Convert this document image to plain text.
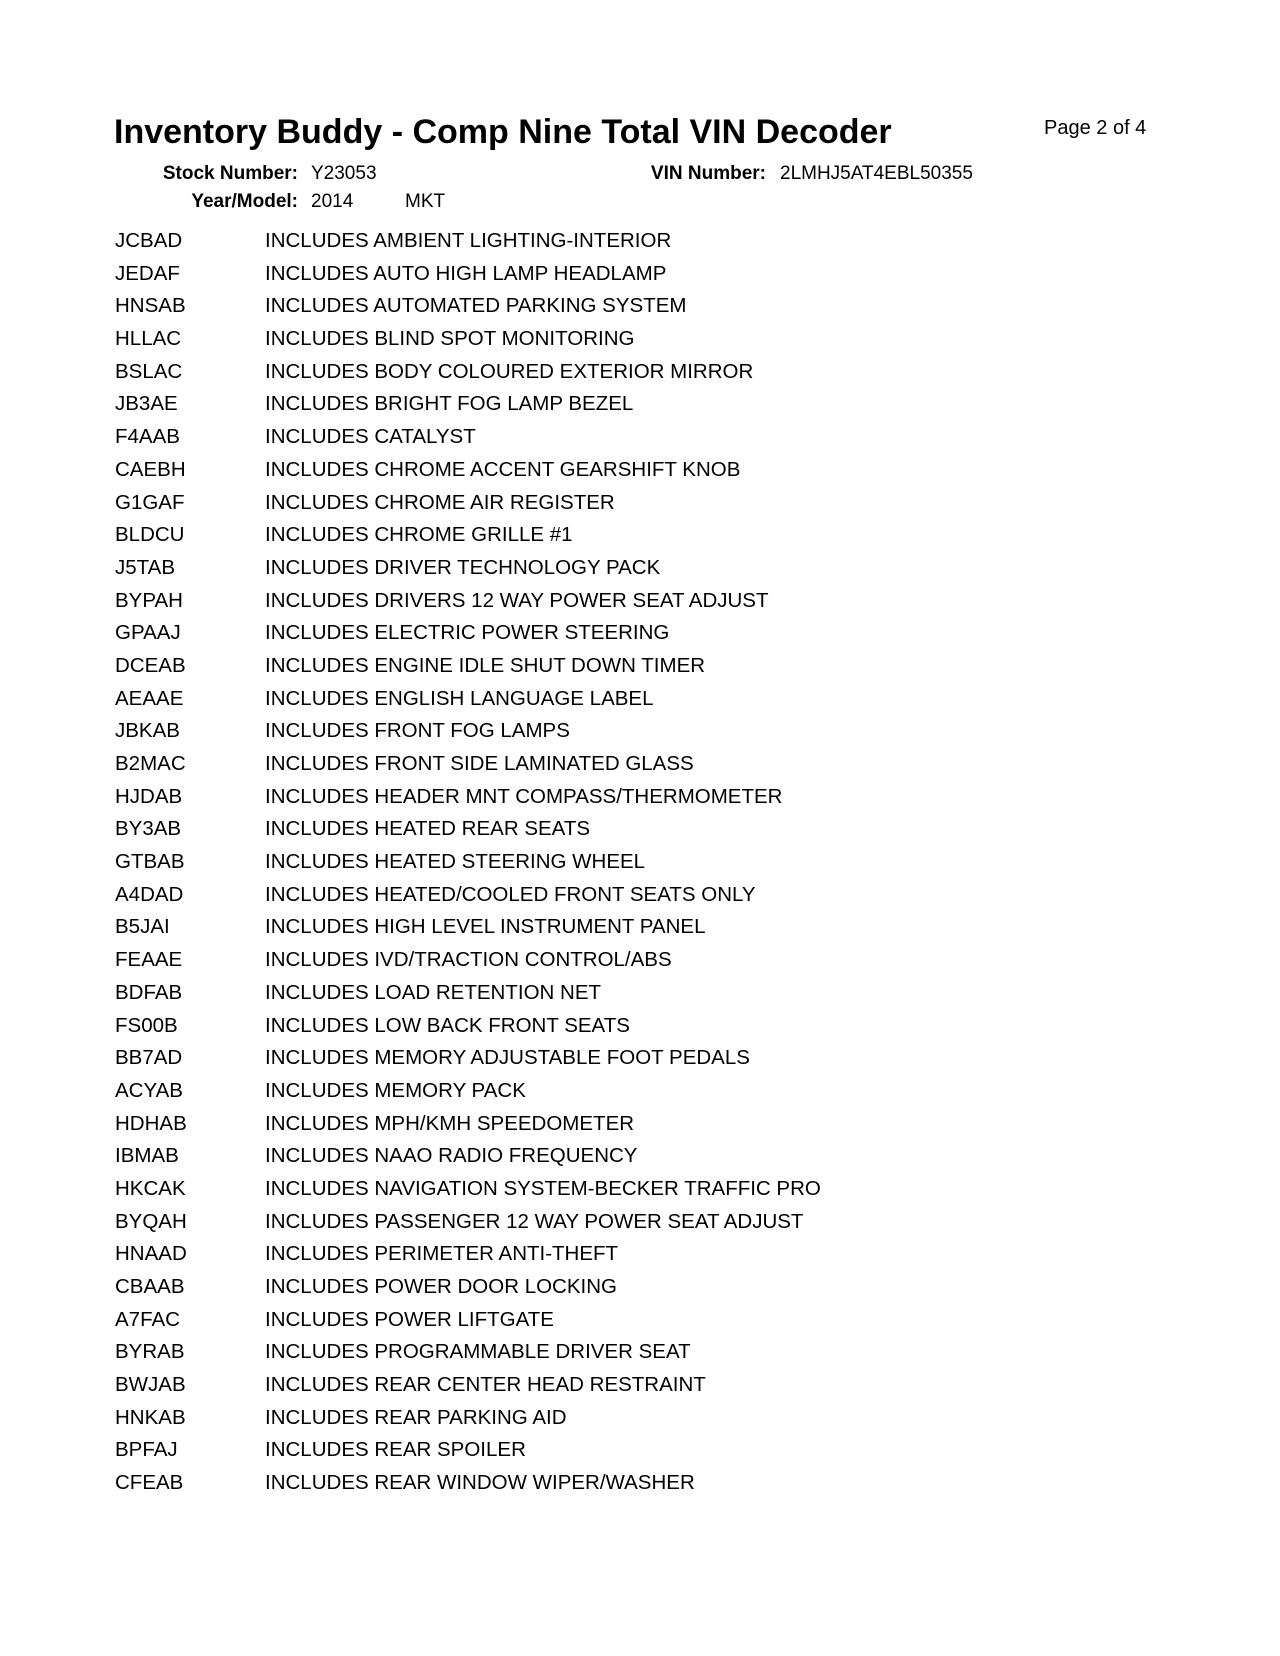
Inventory Buddy - Comp Nine Total VIN Decoder	Page 2 of 4
Stock Number: Y23053	VIN Number: 2LMHJ5AT4EBL50355
Year/Model: 2014	MKT
JCBAD	INCLUDES AMBIENT LIGHTING-INTERIOR
JEDAF	INCLUDES AUTO HIGH LAMP HEADLAMP
HNSAB	INCLUDES AUTOMATED PARKING SYSTEM
HLLAC	INCLUDES BLIND SPOT MONITORING
BSLAC	INCLUDES BODY COLOURED EXTERIOR MIRROR
JB3AE	INCLUDES BRIGHT FOG LAMP BEZEL
F4AAB	INCLUDES CATALYST
CAEBH	INCLUDES CHROME ACCENT GEARSHIFT KNOB
G1GAF	INCLUDES CHROME AIR REGISTER
BLDCU	INCLUDES CHROME GRILLE #1
J5TAB	INCLUDES DRIVER TECHNOLOGY PACK
BYPAH	INCLUDES DRIVERS 12 WAY POWER SEAT ADJUST
GPAAJ	INCLUDES ELECTRIC POWER STEERING
DCEAB	INCLUDES ENGINE IDLE SHUT DOWN TIMER
AEAAE	INCLUDES ENGLISH LANGUAGE LABEL
JBKAB	INCLUDES FRONT FOG LAMPS
B2MAC	INCLUDES FRONT SIDE LAMINATED GLASS
HJDAB	INCLUDES HEADER MNT COMPASS/THERMOMETER
BY3AB	INCLUDES HEATED REAR SEATS
GTBAB	INCLUDES HEATED STEERING WHEEL
A4DAD	INCLUDES HEATED/COOLED FRONT SEATS ONLY
B5JAI	INCLUDES HIGH LEVEL INSTRUMENT PANEL
FEAAE	INCLUDES IVD/TRACTION CONTROL/ABS
BDFAB	INCLUDES LOAD RETENTION NET
FS00B	INCLUDES LOW BACK FRONT SEATS
BB7AD	INCLUDES MEMORY ADJUSTABLE FOOT PEDALS
ACYAB	INCLUDES MEMORY PACK
HDHAB	INCLUDES MPH/KMH SPEEDOMETER
IBMAB	INCLUDES NAAO RADIO FREQUENCY
HKCAK	INCLUDES NAVIGATION SYSTEM-BECKER TRAFFIC PRO
BYQAH	INCLUDES PASSENGER 12 WAY POWER SEAT ADJUST
HNAAD	INCLUDES PERIMETER ANTI-THEFT
CBAAB	INCLUDES POWER DOOR LOCKING
A7FAC	INCLUDES POWER LIFTGATE
BYRAB	INCLUDES PROGRAMMABLE DRIVER SEAT
BWJAB	INCLUDES REAR CENTER HEAD RESTRAINT
HNKAB	INCLUDES REAR PARKING AID
BPFAJ	INCLUDES REAR SPOILER
CFEAB	INCLUDES REAR WINDOW WIPER/WASHER
